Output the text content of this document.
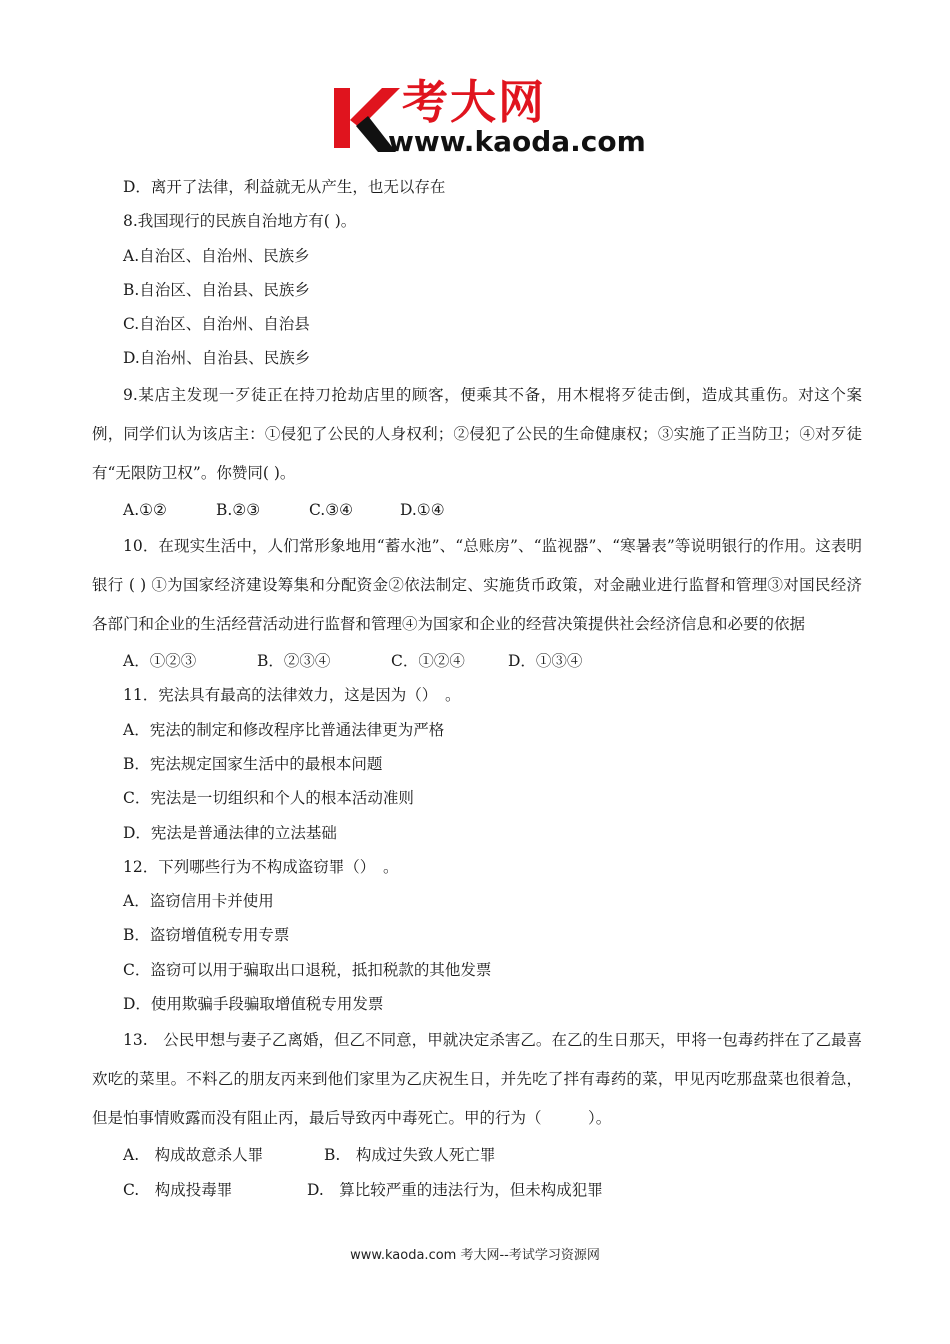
考大网
www.kaoda.com
D．离开了法律，利益就无从产生，也无以存在
8.我国现行的民族自治地方有( )。
A.自治区、自治州、民族乡
B.自治区、自治县、民族乡
C.自治区、自治州、自治县
D.自治州、自治县、民族乡

9.某店主发现一歹徒正在持刀抢劫店里的顾客，便乘其不备，用木棍将歹徒击倒，造成其重伤。对这个案例，同学们认为该店主：①侵犯了公民的人身权利；②侵犯了公民的生命健康权；③实施了正当防卫；④对歹徒有“无限防卫权”。你赞同( )。

A.①②	B.②③	C.③④	D.①④

10．在现实生活中，人们常形象地用“蓄水池”、“总账房”、“监视器”、“寒暑表”等说明银行的作用。这表明银行 ( ) ①为国家经济建设筹集和分配资金②依法制定、实施货币政策，对金融业进行监督和管理③对国民经济各部门和企业的生活经营活动进行监督和管理④为国家和企业的经营决策提供社会经济信息和必要的依据

A．①②③	B．②③④	C．①②④	D．①③④
11．宪法具有最高的法律效力，这是因为（）　。
A．宪法的制定和修改程序比普通法律更为严格
B．宪法规定国家生活中的最根本问题
C．宪法是一切组织和个人的根本活动准则
D．宪法是普通法律的立法基础
12．下列哪些行为不构成盗窃罪（）　。
A．盗窃信用卡并使用
B．盗窃增值税专用专票
C．盗窃可以用于骗取出口退税，抵扣税款的其他发票
D．使用欺骗手段骗取增值税专用发票

13.　公民甲想与妻子乙离婚，但乙不同意，甲就决定杀害乙。在乙的生日那天，甲将一包毒药拌在了乙最喜欢吃的菜里。不料乙的朋友丙来到他们家里为乙庆祝生日，并先吃了拌有毒药的菜，甲见丙吃那盘菜也很着急，但是怕事情败露而没有阻止丙，最后导致丙中毒死亡。甲的行为（　　　）。

A.　构成故意杀人罪	B.　构成过失致人死亡罪
C.　构成投毒罪	D.　算比较严重的违法行为，但未构成犯罪
www.kaoda.com 考大网--考试学习资源网
